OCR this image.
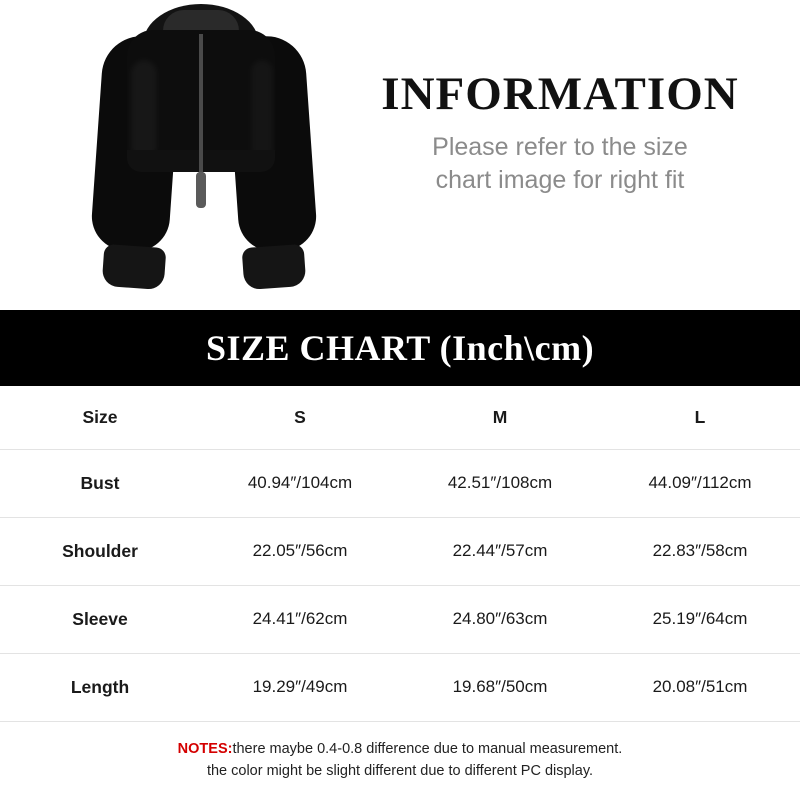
INFORMATION
Please refer to the size
chart image for right fit
SIZE CHART (Inch\cm)
Size	S	M	L
Bust	40.94″/104cm	42.51″/108cm	44.09″/112cm
Shoulder	22.05″/56cm	22.44″/57cm	22.83″/58cm
Sleeve	24.41″/62cm	24.80″/63cm	25.19″/64cm
Length	19.29″/49cm	19.68″/50cm	20.08″/51cm
NOTES:there maybe 0.4-0.8 difference due to manual measurement.
the color might be slight different due to different PC display.
